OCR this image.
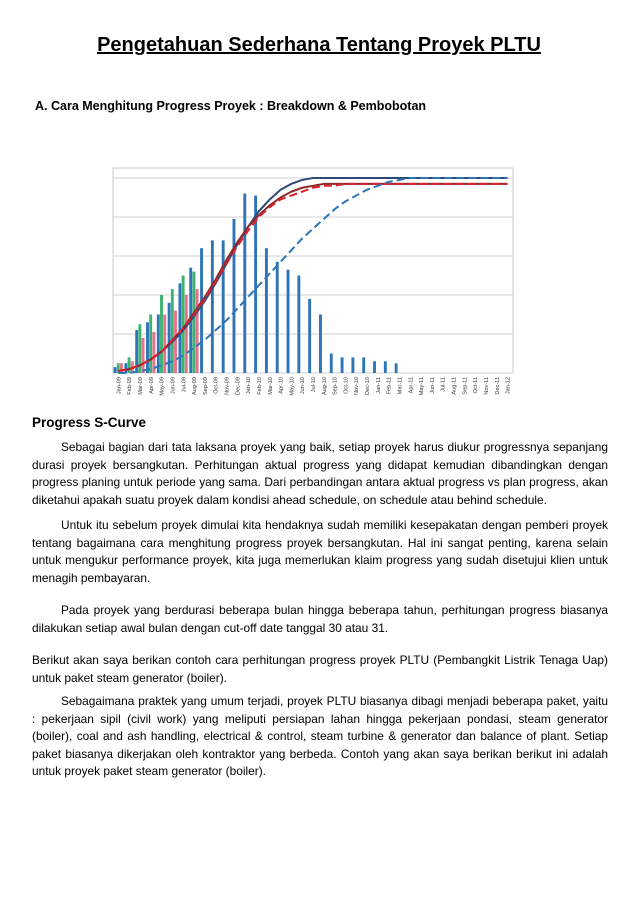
Pengetahuan Sederhana Tentang Proyek PLTU
A. Cara Menghitung Progress Proyek : Breakdown & Pembobotan
Jan-09 Feb-09 Mar-09 Apr-09 May-09 Jun-09 Jul-09 Aug-09 Sep-09 Oct-09 Nov-09 Dec-09 Jan-10 Feb-10 Mar-10 Apr-10 May-10 Jun-10 Jul-10 Aug-10 Sep-10 Oct-10 Nov-10 Dec-10 Jan-11 Feb-11 Mar-11 Apr-11 May-11 Jun-11 Jul-11 Aug-11 Sep-11 Oct-11 Nov-11 Dec-11 Jan-12
Progress S-Curve

Sebagai bagian dari tata laksana proyek yang baik, setiap proyek harus diukur progressnya sepanjang durasi proyek bersangkutan. Perhitungan aktual progress yang didapat kemudian dibandingkan dengan progress planing untuk periode yang sama. Dari perbandingan antara aktual progress vs plan progress, akan diketahui apakah suatu proyek dalam kondisi ahead schedule, on schedule atau behind schedule.

Untuk itu sebelum proyek dimulai kita hendaknya sudah memiliki kesepakatan dengan pemberi proyek tentang bagaimana cara menghitung progress proyek bersangkutan. Hal ini sangat penting, karena selain untuk mengukur performance proyek, kita juga memerlukan klaim progress yang sudah disetujui klien untuk menagih pembayaran.

Pada proyek yang berdurasi beberapa bulan hingga beberapa tahun, perhitungan progress biasanya dilakukan setiap awal bulan dengan cut-off date tanggal 30 atau 31.

Berikut akan saya berikan contoh cara perhitungan progress proyek PLTU (Pembangkit Listrik Tenaga Uap) untuk paket steam generator (boiler).

Sebagaimana praktek yang umum terjadi, proyek PLTU biasanya dibagi menjadi beberapa paket, yaitu : pekerjaan sipil (civil work) yang meliputi persiapan lahan hingga pekerjaan pondasi, steam generator (boiler), coal and ash handling, electrical & control, steam turbine & generator dan balance of plant. Setiap paket biasanya dikerjakan oleh kontraktor yang berbeda. Contoh yang akan saya berikan berikut ini adalah untuk proyek paket steam generator (boiler).
